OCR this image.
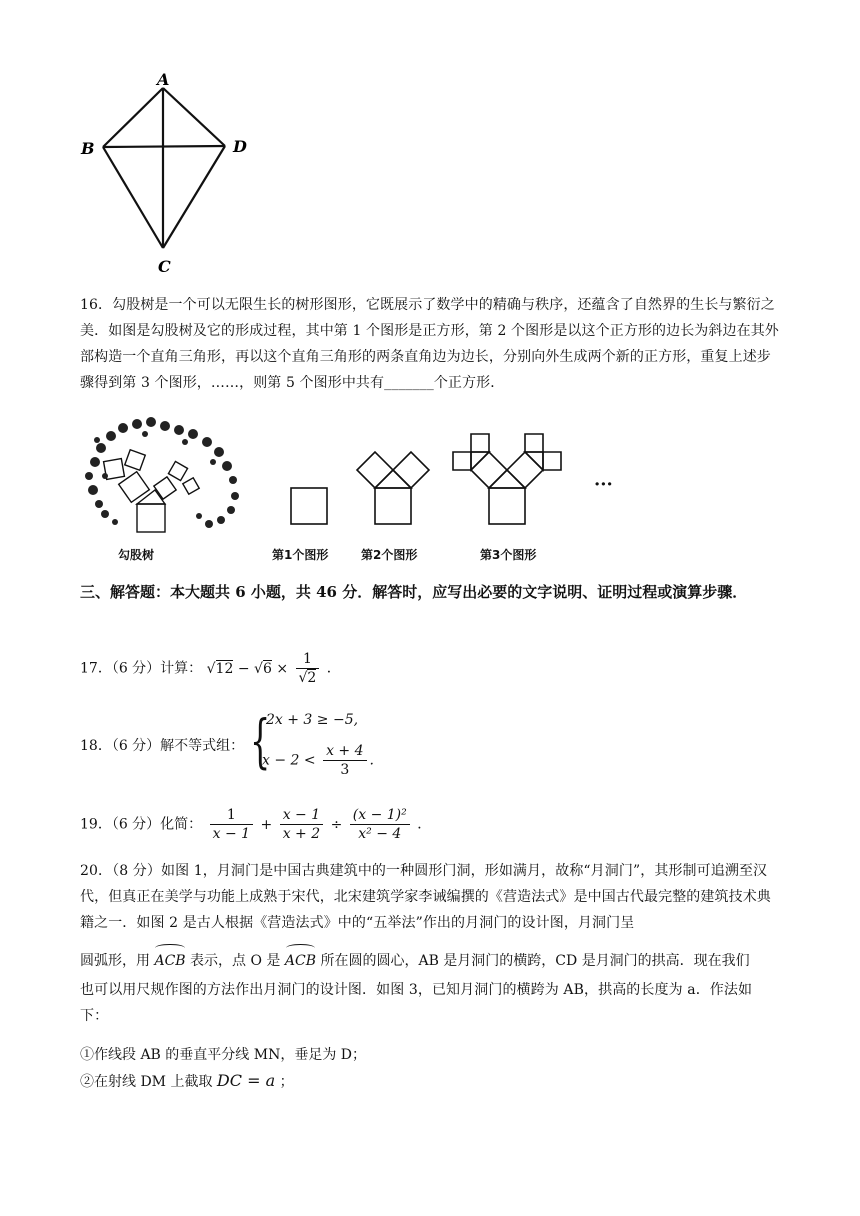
A
B	D
C
16．勾股树是一个可以无限生长的树形图形，它既展示了数学中的精确与秩序，还蕴含了自然界的生长与繁衍之美．如图是勾股树及它的形成过程，其中第 1 个图形是正方形，第 2 个图形是以这个正方形的边长为斜边在其外部构造一个直角三角形，再以这个直角三角形的两条直角边为边长，分别向外生成两个新的正方形，重复上述步骤得到第 3 个图形，……，则第 5 个图形中共有_______个正方形．
···
勾股树	第1个图形	第2个图形	第3个图形
三、解答题：本大题共 6 小题，共 46 分．解答时，应写出必要的文字说明、证明过程或演算步骤．
17．（6 分）计算： $√12 - √6 \times \frac{1}{√2}$ ．
18．（6 分）解不等式组： {
2x + 3 ≥ −5,
$x - 2 < \frac{x + 4}{3}$ .
19．（6 分）化简： $\frac{1}{x - 1} + \frac{x - 1}{x + 2} \div \frac{\text{(x − 1)²}}{\text{x² − 4}}$ ．
20．（8 分）如图 1，月洞门是中国古典建筑中的一种圆形门洞，形如满月，故称“月洞门”，其形制可追溯至汉代，但真正在美学与功能上成熟于宋代，北宋建筑学家李诫编撰的《营造法式》是中国古代最完整的建筑技术典籍之一．如图 2 是古人根据《营造法式》中的“五举法”作出的月洞门的设计图，月洞门呈
圆弧形，用 ACB 表示，点 O 是 ACB 所在圆的圆心，AB 是月洞门的横跨，CD 是月洞门的拱高．现在我们
也可以用尺规作图的方法作出月洞门的设计图．如图 3，已知月洞门的横跨为 AB，拱高的长度为 a．作法如下：
①作线段 AB 的垂直平分线 MN，垂足为 D；
②在射线 DM 上截取 DC = a ；
